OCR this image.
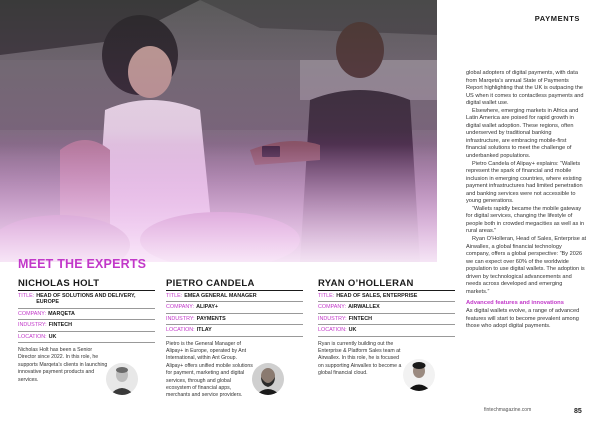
PAYMENTS

global adopters of digital payments, with data from Marqeta’s annual State of Payments Report highlighting that the UK is outpacing the US when it comes to contactless payments and digital wallet use.

Elsewhere, emerging markets in Africa and Latin America are poised for rapid growth in digital wallet adoption. These regions, often underserved by traditional banking infrastructure, are embracing mobile-first financial solutions to meet the challenge of underbanked populations.

Pietro Candela of Alipay+ explains: “Wallets represent the spark of financial and mobile inclusion in emerging countries, where existing payment infrastructures had limited penetration and banking services were not accessible to young generations.

“Wallets rapidly became the mobile gateway for digital services, changing the lifestyle of people both in crowded megacities as well as in rural areas.”

Ryan O’Holleran, Head of Sales, Enterprise at Airwallex, a global financial technology company, offers a global perspective: “By 2026 we can expect over 60% of the worldwide population to use digital wallets. The adoption is driven by technological advancements and needs across developed and emerging markets.”

Advanced features and innovations

As digital wallets evolve, a range of advanced features will start to become prevalent among those who adopt digital payments.

MEET THE EXPERTS
NICHOLAS HOLT
TITLE: HEAD OF SOLUTIONS AND DELIVERY, EUROPE
COMPANY: MARQETA
INDUSTRY: FINTECH
LOCATION: UK
Nicholas Holt has been a Senior Director since 2022. In this role, he supports Marqeta’s clients in launching innovative payment products and services.
PIETRO CANDELA
TITLE: EMEA GENERAL MANAGER
COMPANY: ALIPAY+
INDUSTRY: PAYMENTS
LOCATION: ITLAY
Pietro is the General Manager of Alipay+ in Europe, operated by Ant International, within Ant Group. Alipay+ offers unified mobile solutions for payment, marketing and digital services, through and global ecosystem of financial apps, merchants and service providers.
RYAN O’HOLLERAN
TITLE: HEAD OF SALES, ENTERPRISE
COMPANY: AIRWALLEX
INDUSTRY: FINTECH
LOCATION: UK
Ryan is currently building out the Enterprise & Platform Sales team at Airwallex. In this role, he is focused on supporting Airwallex to become a global financial cloud.
fintechmagazine.com	85
